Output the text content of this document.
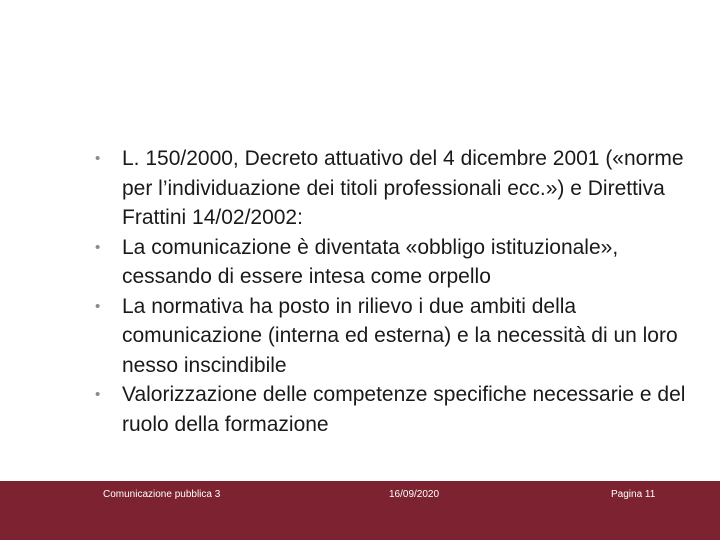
•	L. 150/2000, Decreto attuativo del 4 dicembre 2001 («norme per l’individuazione dei titoli professionali ecc.») e Direttiva Frattini 14/02/2002:
•	La comunicazione è diventata «obbligo istituzionale», cessando di essere intesa come orpello
•	La normativa ha posto in rilievo i due ambiti della comunicazione (interna ed esterna) e la necessità di un loro nesso inscindibile
•	Valorizzazione delle competenze specifiche necessarie e del ruolo della formazione
Comunicazione pubblica 3	16/09/2020	Pagina 11
